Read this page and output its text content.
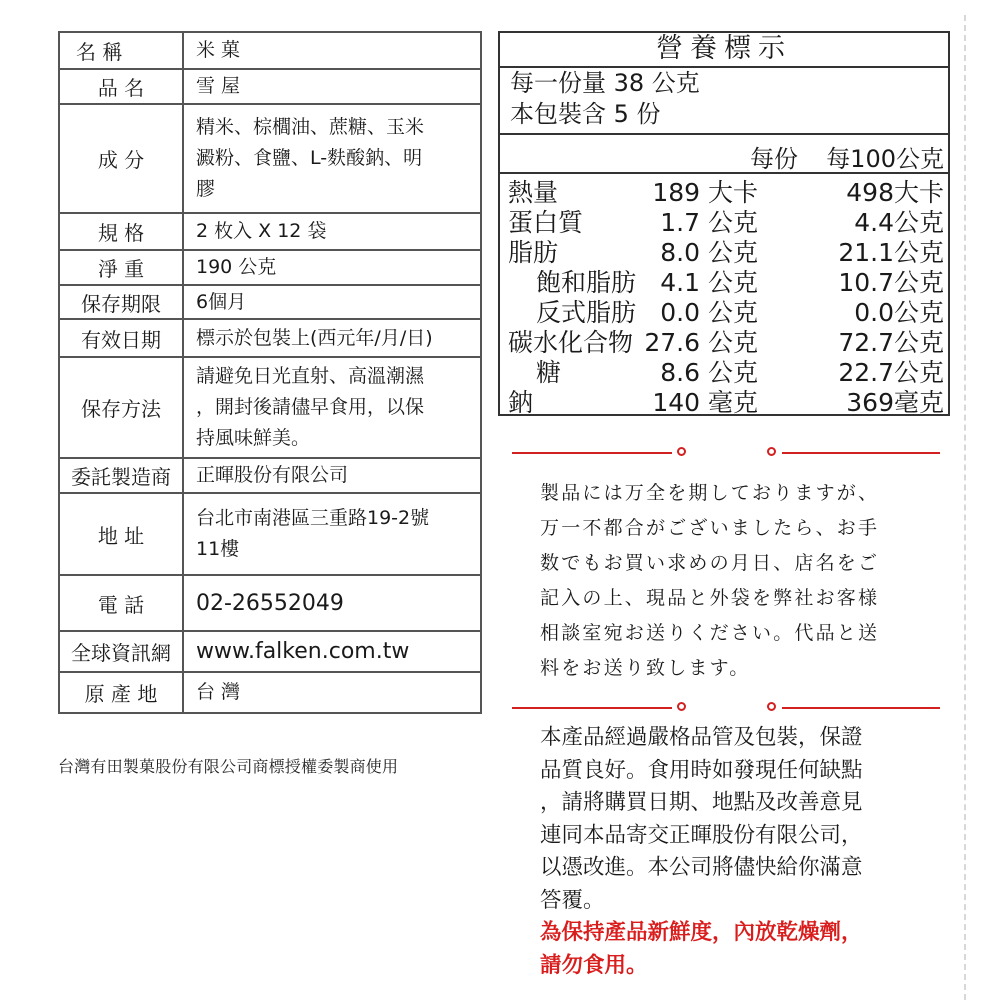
名 稱	米 菓
品 名	雪 屋
成 分	精米、棕櫚油、蔗糖、玉米
澱粉、食鹽、L-麩酸鈉、明
膠

規 格	2 枚入 X 12 袋
淨 重	190 公克
保存期限	6個月
有效日期	標示於包裝上(西元年/月/日)
保存方法	請避免日光直射、高溫潮濕
，開封後請儘早食用，以保
持風味鮮美。

委託製造商	正暉股份有限公司
地 址	台北市南港區三重路19-2號
11樓

電 話	02-26552049
全球資訊網	www.falken.com.tw
原 產 地	台 灣
台灣有田製菓股份有限公司商標授權委製商使用
營養標示
每一份量 38 公克
本包裝含 5 份
每份 每100公克
熱量	189 大卡	498大卡
蛋白質	1.7 公克	4.4公克
脂肪	8.0 公克	21.1公克
飽和脂肪 4.1 公克	10.7公克
反式脂肪 0.0 公克	0.0公克
碳水化合物 27.6 公克	72.7公克
糖	8.6 公克	22.7公克
鈉	140 毫克	369毫克
製品には万全を期しておりますが、
万一不都合がございましたら、お手
数でもお買い求めの月日、店名をご
記入の上、現品と外袋を弊社お客様
相談室宛お送りください。代品と送
料をお送り致します。
本產品經過嚴格品管及包裝，保證
品質良好。食用時如發現任何缺點
，請將購買日期、地點及改善意見
連同本品寄交正暉股份有限公司，
以憑改進。本公司將儘快給你滿意
答覆。
為保持產品新鮮度，內放乾燥劑，
請勿食用。
